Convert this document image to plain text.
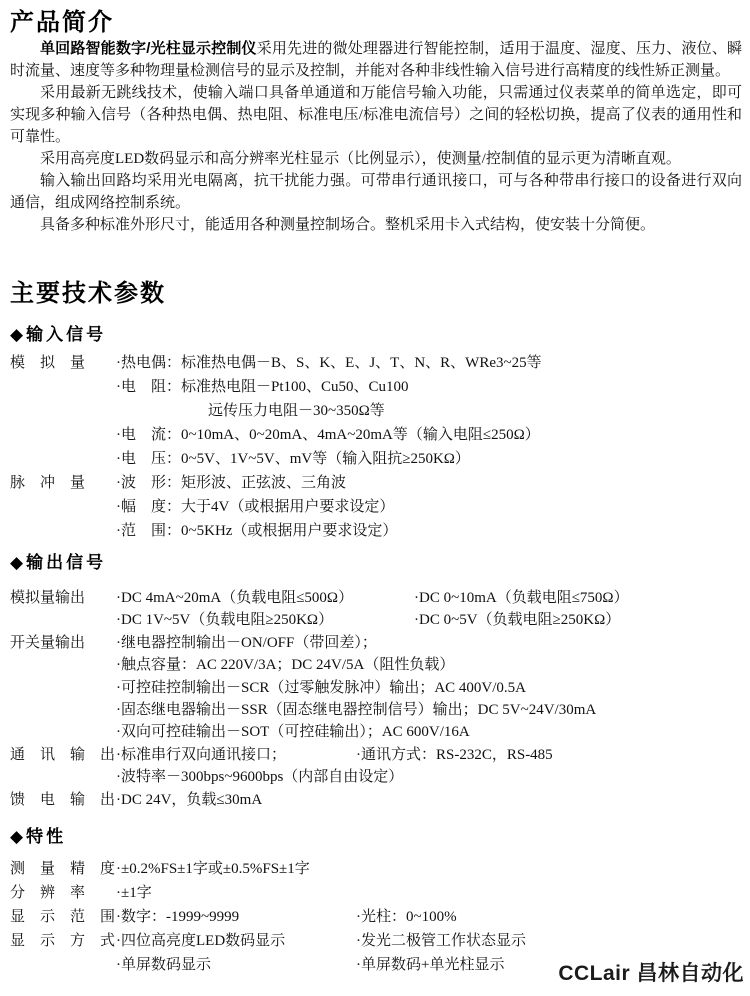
产品简介

单回路智能数字/光柱显示控制仪采用先进的微处理器进行智能控制，适用于温度、湿度、压力、液位、瞬时流量、速度等多种物理量检测信号的显示及控制，并能对各种非线性输入信号进行高精度的线性矫正测量。

采用最新无跳线技术，使输入端口具备单通道和万能信号输入功能，只需通过仪表菜单的简单选定，即可实现多种输入信号（各种热电偶、热电阻、标准电压/标准电流信号）之间的轻松切换，提高了仪表的通用性和可靠性。

采用高亮度LED数码显示和高分辨率光柱显示（比例显示），使测量/控制值的显示更为清晰直观。

输入输出回路均采用光电隔离，抗干扰能力强。可带串行通讯接口，可与各种带串行接口的设备进行双向通信，组成网络控制系统。

具备多种标准外形尺寸，能适用各种测量控制场合。整机采用卡入式结构，使安装十分简便。

主要技术参数
◆输入信号
模　拟　量	·热电偶：标准热电偶－B、S、K、E、J、T、N、R、WRe3~25等
·电　阻：标准热电阻－Pt100、Cu50、Cu100
远传压力电阻－30~350Ω等
·电　流：0~10mA、0~20mA、4mA~20mA等（输入电阻≤250Ω）
·电　压：0~5V、1V~5V、mV等（输入阻抗≥250KΩ）
脉　冲　量	·波　形：矩形波、正弦波、三角波
·幅　度：大于4V（或根据用户要求设定）
·范　围：0~5KHz（或根据用户要求设定）
◆输出信号
模拟量输出	·DC 4mA~20mA（负载电阻≤500Ω）	·DC 0~10mA（负载电阻≤750Ω）
·DC 1V~5V（负载电阻≥250KΩ）	·DC 0~5V（负载电阻≥250KΩ）
开关量输出	·继电器控制输出－ON/OFF（带回差）；
·触点容量：AC 220V/3A；DC 24V/5A（阻性负载）
·可控硅控制输出－SCR（过零触发脉冲）输出；AC 400V/0.5A
·固态继电器输出－SSR（固态继电器控制信号）输出；DC 5V~24V/30mA
·双向可控硅输出－SOT（可控硅输出）；AC 600V/16A
通　讯　输　出 ·标准串行双向通讯接口；	·通讯方式：RS-232C，RS-485
·波特率－300bps~9600bps（内部自由设定）
馈　电　输　出 ·DC 24V，负载≤30mA
◆特性
测　量　精　度 ·±0.2%FS±1字或±0.5%FS±1字
分　辨　率	·±1字
显　示　范　围 ·数字：-1999~9999	·光柱：0~100%
显　示　方　式 ·四位高亮度LED数码显示	·发光二极管工作状态显示
·单屏数码显示	·单屏数码+单光柱显示	CCLair 昌林自动化
